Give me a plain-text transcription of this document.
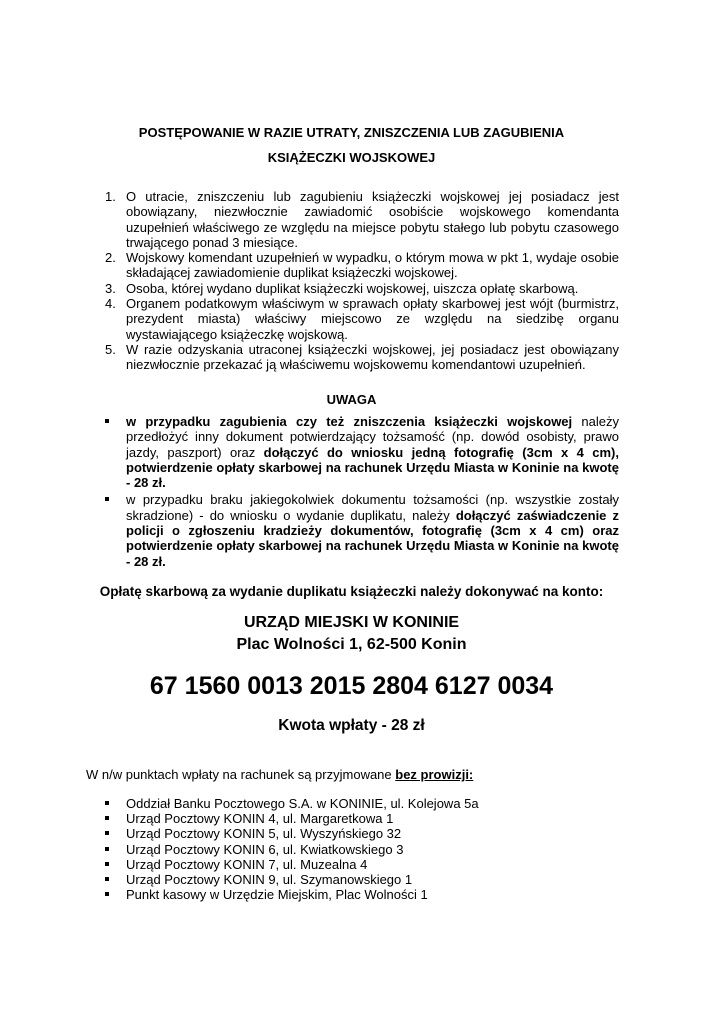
POSTĘPOWANIE W RAZIE UTRATY, ZNISZCZENIA LUB ZAGUBIENIA
KSIĄŻECZKI WOJSKOWEJ
1. O utracie, zniszczeniu lub zagubieniu książeczki wojskowej jej posiadacz jest obowiązany, niezwłocznie zawiadomić osobiście wojskowego komendanta uzupełnień właściwego ze względu na miejsce pobytu stałego lub pobytu czasowego trwającego ponad 3 miesiące.
2. Wojskowy komendant uzupełnień w wypadku, o którym mowa w pkt 1, wydaje osobie składającej zawiadomienie duplikat książeczki wojskowej.
3. Osoba, której wydano duplikat książeczki wojskowej, uiszcza opłatę skarbową.
4. Organem podatkowym właściwym w sprawach opłaty skarbowej jest wójt (burmistrz, prezydent miasta) właściwy miejscowo ze względu na siedzibę organu wystawiającego książeczkę wojskową.
5. W razie odzyskania utraconej książeczki wojskowej, jej posiadacz jest obowiązany niezwłocznie przekazać ją właściwemu wojskowemu komendantowi uzupełnień.
UWAGA
w przypadku zagubienia czy też zniszczenia książeczki wojskowej należy przedłożyć inny dokument potwierdzający tożsamość (np. dowód osobisty, prawo jazdy, paszport) oraz dołączyć do wniosku jedną fotografię (3cm x 4 cm), potwierdzenie opłaty skarbowej na rachunek Urzędu Miasta w Koninie na kwotę - 28 zł.
w przypadku braku jakiegokolwiek dokumentu tożsamości (np. wszystkie zostały skradzione) - do wniosku o wydanie duplikatu, należy dołączyć zaświadczenie z policji o zgłoszeniu kradzieży dokumentów, fotografię (3cm x 4 cm) oraz potwierdzenie opłaty skarbowej na rachunek Urzędu Miasta w Koninie na kwotę - 28 zł.
Opłatę skarbową za wydanie duplikatu książeczki należy dokonywać na konto:
URZĄD MIEJSKI W KONINIE
Plac Wolności 1, 62-500 Konin
67 1560 0013 2015 2804 6127 0034
Kwota wpłaty - 28 zł
W n/w punktach wpłaty na rachunek są przyjmowane bez prowizji:
Oddział Banku Pocztowego S.A. w KONINIE, ul. Kolejowa 5a
Urząd Pocztowy KONIN 4, ul. Margaretkowa 1
Urząd Pocztowy KONIN 5, ul. Wyszyńskiego 32
Urząd Pocztowy KONIN 6, ul. Kwiatkowskiego 3
Urząd Pocztowy KONIN 7, ul. Muzealna 4
Urząd Pocztowy KONIN 9, ul. Szymanowskiego 1
Punkt kasowy w Urzędzie Miejskim, Plac Wolności 1
